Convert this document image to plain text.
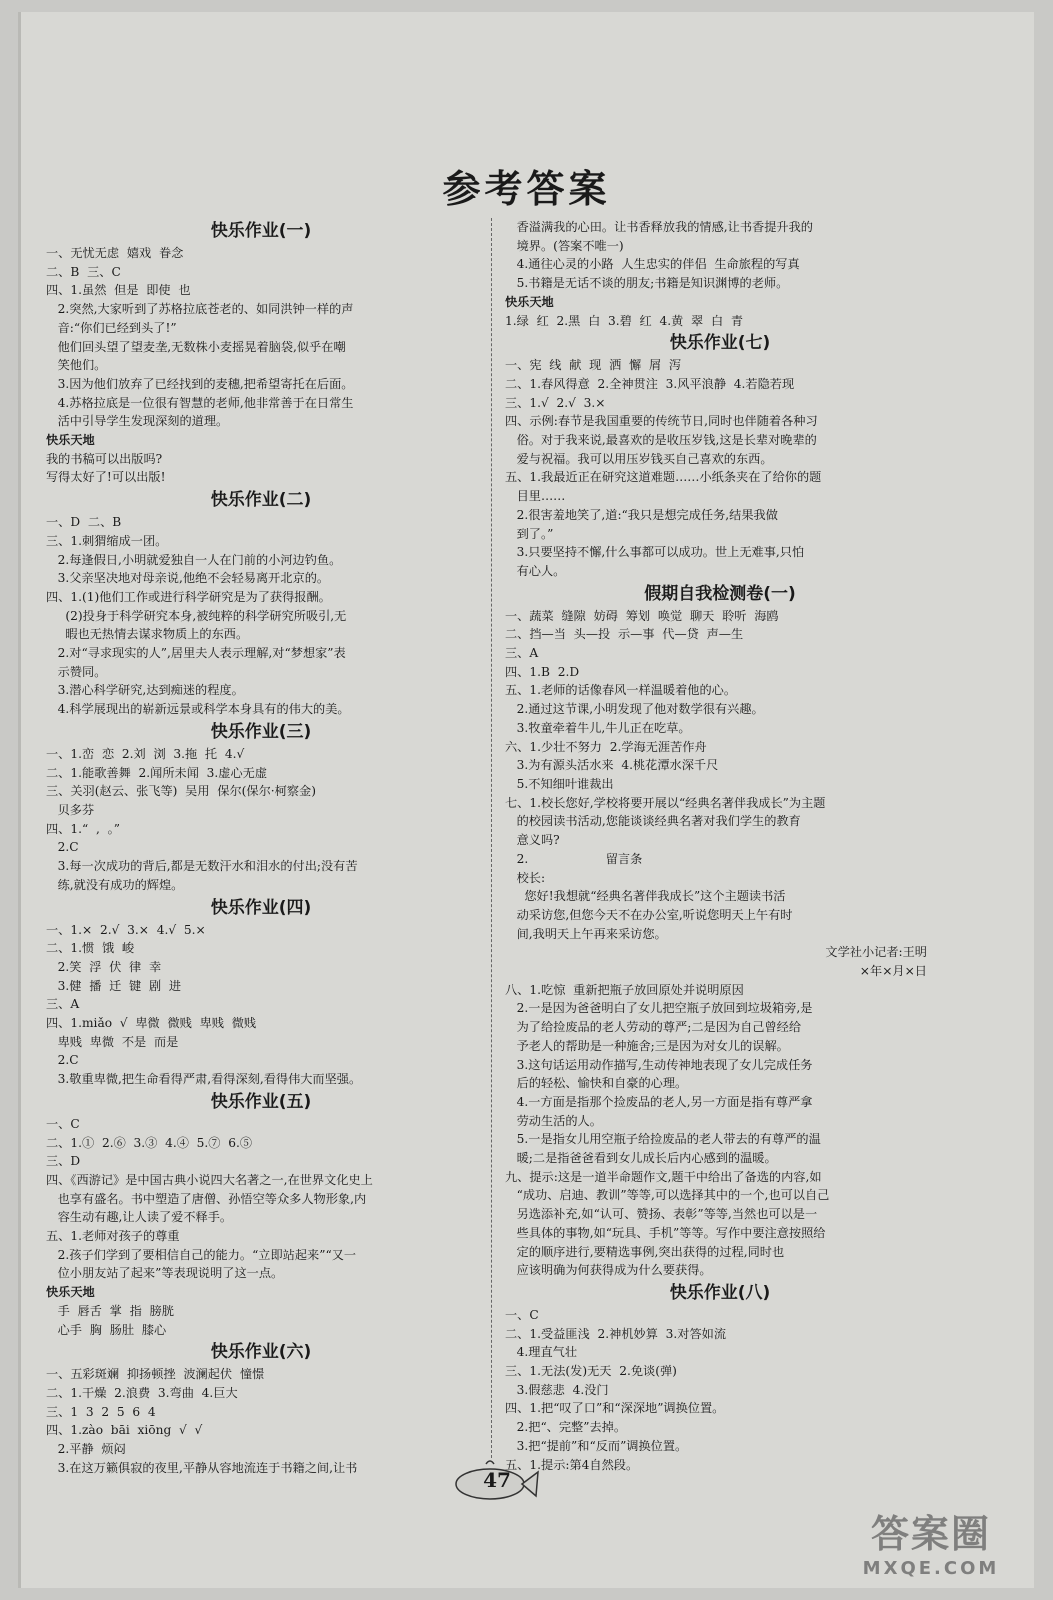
参考答案
快乐作业(一)
一、无忧无虑  嬉戏  眷念
二、B  三、C
四、1.虽然  但是  即使  也
2.突然,大家听到了苏格拉底苍老的、如同洪钟一样的声
音:“你们已经到头了!”
他们回头望了望麦垄,无数株小麦摇晃着脑袋,似乎在嘲
笑他们。
3.因为他们放弃了已经找到的麦穗,把希望寄托在后面。
4.苏格拉底是一位很有智慧的老师,他非常善于在日常生
活中引导学生发现深刻的道理。
快乐天地
我的书稿可以出版吗?
写得太好了!可以出版!
快乐作业(二)
一、D  二、B
三、1.刺猬缩成一团。
2.每逢假日,小明就爱独自一人在门前的小河边钓鱼。
3.父亲坚决地对母亲说,他绝不会轻易离开北京的。
四、1.(1)他们工作或进行科学研究是为了获得报酬。
(2)投身于科学研究本身,被纯粹的科学研究所吸引,无
暇也无热情去谋求物质上的东西。
2.对“寻求现实的人”,居里夫人表示理解,对“梦想家”表
示赞同。
3.潜心科学研究,达到痴迷的程度。
4.科学展现出的崭新远景或科学本身具有的伟大的美。
快乐作业(三)
一、1.峦  恋  2.刘  浏  3.拖  托  4.√
二、1.能歌善舞  2.闻所未闻  3.虚心无虚
三、关羽(赵云、张飞等)  吴用  保尔(保尔·柯察金)
贝多芬
四、1.“  ,  。”
2.C
3.每一次成功的背后,都是无数汗水和泪水的付出;没有苦
练,就没有成功的辉煌。
快乐作业(四)
一、1.×  2.√  3.×  4.√  5.×
二、1.惯  饿  峻
2.笑  浮  伏  律  幸
3.健  播  迁  键  剧  进
三、A
四、1.miǎo  √  卑微  微贱  卑贱  微贱
卑贱  卑微  不是  而是
2.C
3.敬重卑微,把生命看得严肃,看得深刻,看得伟大而坚强。
快乐作业(五)
一、C
二、1.①  2.⑥  3.③  4.④  5.⑦  6.⑤
三、D
四、《西游记》是中国古典小说四大名著之一,在世界文化史上
也享有盛名。书中塑造了唐僧、孙悟空等众多人物形象,内
容生动有趣,让人读了爱不释手。
五、1.老师对孩子的尊重
2.孩子们学到了要相信自己的能力。“立即站起来”“又一
位小朋友站了起来”等表现说明了这一点。
快乐天地
手  唇舌  掌  指  膀胱
心手  胸  肠肚  膝心
快乐作业(六)
一、五彩斑斓  抑扬顿挫  波澜起伏  憧憬
二、1.干燥  2.浪费  3.弯曲  4.巨大
三、1  3  2  5  6  4
四、1.zào  bāi  xiōng  √  √
2.平静  烦闷
3.在这万籁俱寂的夜里,平静从容地流连于书籍之间,让书
香溢满我的心田。让书香释放我的情感,让书香提升我的
境界。(答案不唯一)
4.通往心灵的小路  人生忠实的伴侣  生命旅程的写真
5.书籍是无话不谈的朋友;书籍是知识渊博的老师。
快乐天地
1.绿  红  2.黑  白  3.碧  红  4.黄  翠  白  青
快乐作业(七)
一、宪  线  献  现  洒  懈  屑  泻
二、1.春风得意  2.全神贯注  3.风平浪静  4.若隐若现
三、1.√  2.√  3.×
四、示例:春节是我国重要的传统节日,同时也伴随着各种习
俗。对于我来说,最喜欢的是收压岁钱,这是长辈对晚辈的
爱与祝福。我可以用压岁钱买自己喜欢的东西。
五、1.我最近正在研究这道难题……小纸条夹在了给你的题
目里……
2.很害羞地笑了,道:“我只是想完成任务,结果我做
到了。”
3.只要坚持不懈,什么事都可以成功。世上无难事,只怕
有心人。
假期自我检测卷(一)
一、蔬菜  缝隙  妨碍  筹划  唤觉  聊天  聆听  海鸥
二、挡—当  头—投  示—事  代—贷  声—生
三、A
四、1.B  2.D
五、1.老师的话像春风一样温暖着他的心。
2.通过这节课,小明发现了他对数学很有兴趣。
3.牧童牵着牛儿,牛儿正在吃草。
六、1.少壮不努力  2.学海无涯苦作舟
3.为有源头活水来  4.桃花潭水深千尺
5.不知细叶谁裁出
七、1.校长您好,学校将要开展以“经典名著伴我成长”为主题
的校园读书活动,您能谈谈经典名著对我们学生的教育
意义吗?
2.                    留言条
校长:
您好!我想就“经典名著伴我成长”这个主题读书活
动采访您,但您今天不在办公室,听说您明天上午有时
间,我明天上午再来采访您。
文学社小记者:王明
×年×月×日
八、1.吃惊  重新把瓶子放回原处并说明原因
2.一是因为爸爸明白了女儿把空瓶子放回到垃圾箱旁,是
为了给捡废品的老人劳动的尊严;二是因为自己曾经给
予老人的帮助是一种施舍;三是因为对女儿的误解。
3.这句话运用动作描写,生动传神地表现了女儿完成任务
后的轻松、愉快和自豪的心理。
4.一方面是指那个捡废品的老人,另一方面是指有尊严拿
劳动生活的人。
5.一是指女儿用空瓶子给捡废品的老人带去的有尊严的温
暖;二是指爸爸看到女儿成长后内心感到的温暖。
九、提示:这是一道半命题作文,题干中给出了备选的内容,如
“成功、启迪、教训”等等,可以选择其中的一个,也可以自己
另选添补充,如“认可、赞扬、表彰”等等,当然也可以是一
些具体的事物,如“玩具、手机”等等。写作中要注意按照给
定的顺序进行,要精选事例,突出获得的过程,同时也
应该明确为何获得成为什么要获得。
快乐作业(八)
一、C
二、1.受益匪浅  2.神机妙算  3.对答如流
4.理直气壮
三、1.无法(发)无天  2.免谈(弹)
3.假慈悲  4.没门
四、1.把“叹了口”和“深深地”调换位置。
2.把“、完整”去掉。
3.把“提前”和“反而”调换位置。
五、1.提示:第4自然段。
47
答案圈
MXQE.COM
